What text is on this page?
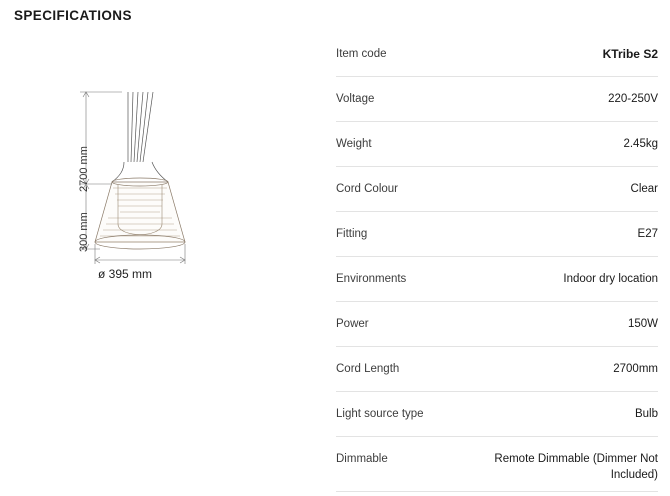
SPECIFICATIONS
2700 mm
300 mm
ø 395 mm
Item code	KTribe S2
Voltage	220-250V
Weight	2.45kg
Cord Colour	Clear
Fitting	E27
Environments	Indoor dry location
Power	150W
Cord Length	2700mm
Light source type	Bulb
Dimmable	Remote Dimmable (Dimmer Not Included)
